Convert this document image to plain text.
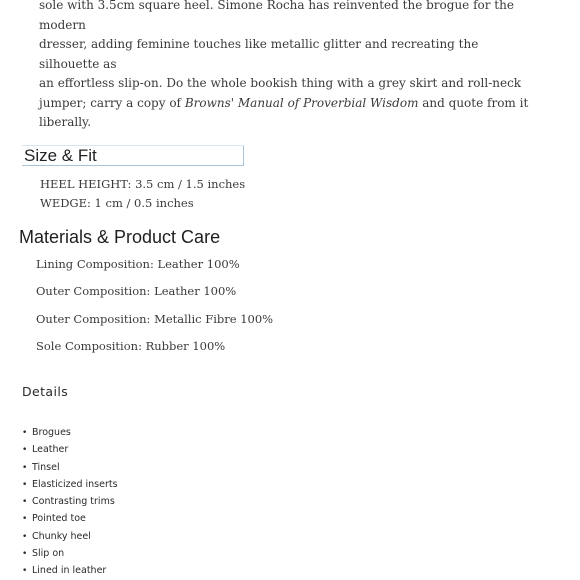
sole with 3.5cm square heel. Simone Rocha has reinvented the brogue for the modern
dresser, adding feminine touches like metallic glitter and recreating the silhouette as
an effortless slip-on. Do the whole bookish thing with a grey skirt and roll-neck
jumper; carry a copy of Browns' Manual of Proverbial Wisdom and quote from it
liberally.
Size & Fit
HEEL HEIGHT: 3.5 cm / 1.5 inches
WEDGE: 1 cm / 0.5 inches
Materials & Product Care
Lining Composition: Leather 100%
Outer Composition: Leather 100%
Outer Composition: Metallic Fibre 100%
Sole Composition: Rubber 100%
Details
• Brogues
• Leather
• Tinsel
• Elasticized inserts
• Contrasting trims
• Pointed toe
• Chunky heel
• Slip on
• Lined in leather
